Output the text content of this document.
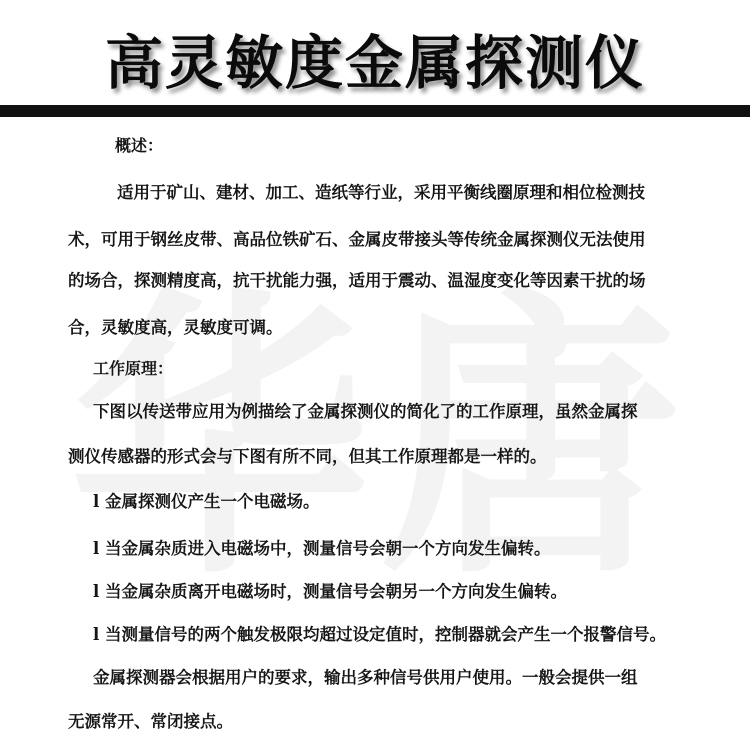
高灵敏度金属探测仪
概述：
适用于矿山、建材、加工、造纸等行业，采用平衡线圈原理和相位检测技
术，可用于钢丝皮带、高品位铁矿石、金属皮带接头等传统金属探测仪无法使用
的场合，探测精度高，抗干扰能力强，适用于震动、温湿度变化等因素干扰的场
合，灵敏度高，灵敏度可调。
工作原理：
下图以传送带应用为例描绘了金属探测仪的简化了的工作原理，虽然金属探
测仪传感器的形式会与下图有所不同，但其工作原理都是一样的。
l 金属探测仪产生一个电磁场。
l 当金属杂质进入电磁场中，测量信号会朝一个方向发生偏转。
l 当金属杂质离开电磁场时，测量信号会朝另一个方向发生偏转。
l 当测量信号的两个触发极限均超过设定值时，控制器就会产生一个报警信号。
金属探测器会根据用户的要求，输出多种信号供用户使用。一般会提供一组
无源常开、常闭接点。
